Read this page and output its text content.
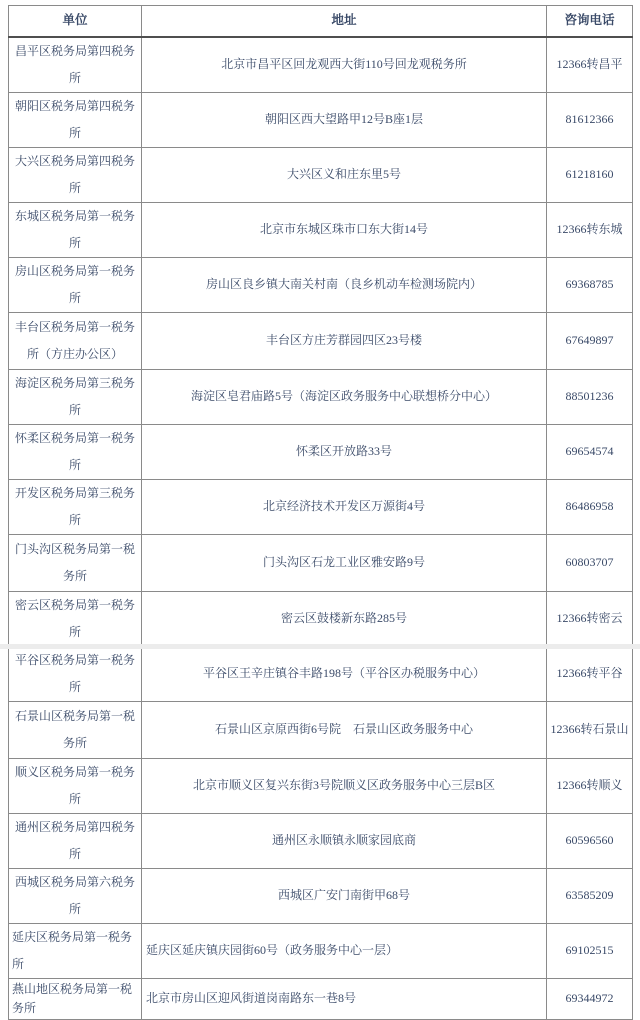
单位	地址	咨询电话
昌平区税务局第四税务所	北京市昌平区回龙观西大街110号回龙观税务所	12366转昌平
朝阳区税务局第四税务所	朝阳区西大望路甲12号B座1层	81612366
大兴区税务局第四税务所	大兴区义和庄东里5号	61218160
东城区税务局第一税务所	北京市东城区珠市口东大街14号	12366转东城
房山区税务局第一税务所	房山区良乡镇大南关村南（良乡机动车检测场院内）	69368785
丰台区税务局第一税务所（方庄办公区）	丰台区方庄芳群园四区23号楼	67649897
海淀区税务局第三税务所	海淀区皂君庙路5号（海淀区政务服务中心联想桥分中心）	88501236
怀柔区税务局第一税务所	怀柔区开放路33号	69654574
开发区税务局第三税务所	北京经济技术开发区万源街4号	86486958
门头沟区税务局第一税务所	门头沟区石龙工业区雅安路9号	60803707
密云区税务局第一税务所	密云区鼓楼新东路285号	12366转密云
平谷区税务局第一税务所	平谷区王辛庄镇谷丰路198号（平谷区办税服务中心）	12366转平谷
石景山区税务局第一税务所	石景山区京原西街6号院　石景山区政务服务中心	12366转石景山
顺义区税务局第一税务所	北京市顺义区复兴东街3号院顺义区政务服务中心三层B区	12366转顺义
通州区税务局第四税务所	通州区永顺镇永顺家园底商	60596560
西城区税务局第六税务所	西城区广安门南街甲68号	63585209
延庆区税务局第一税务所	延庆区延庆镇庆园街60号（政务服务中心一层）	69102515
燕山地区税务局第一税务所	北京市房山区迎风街道岗南路东一巷8号	69344972
